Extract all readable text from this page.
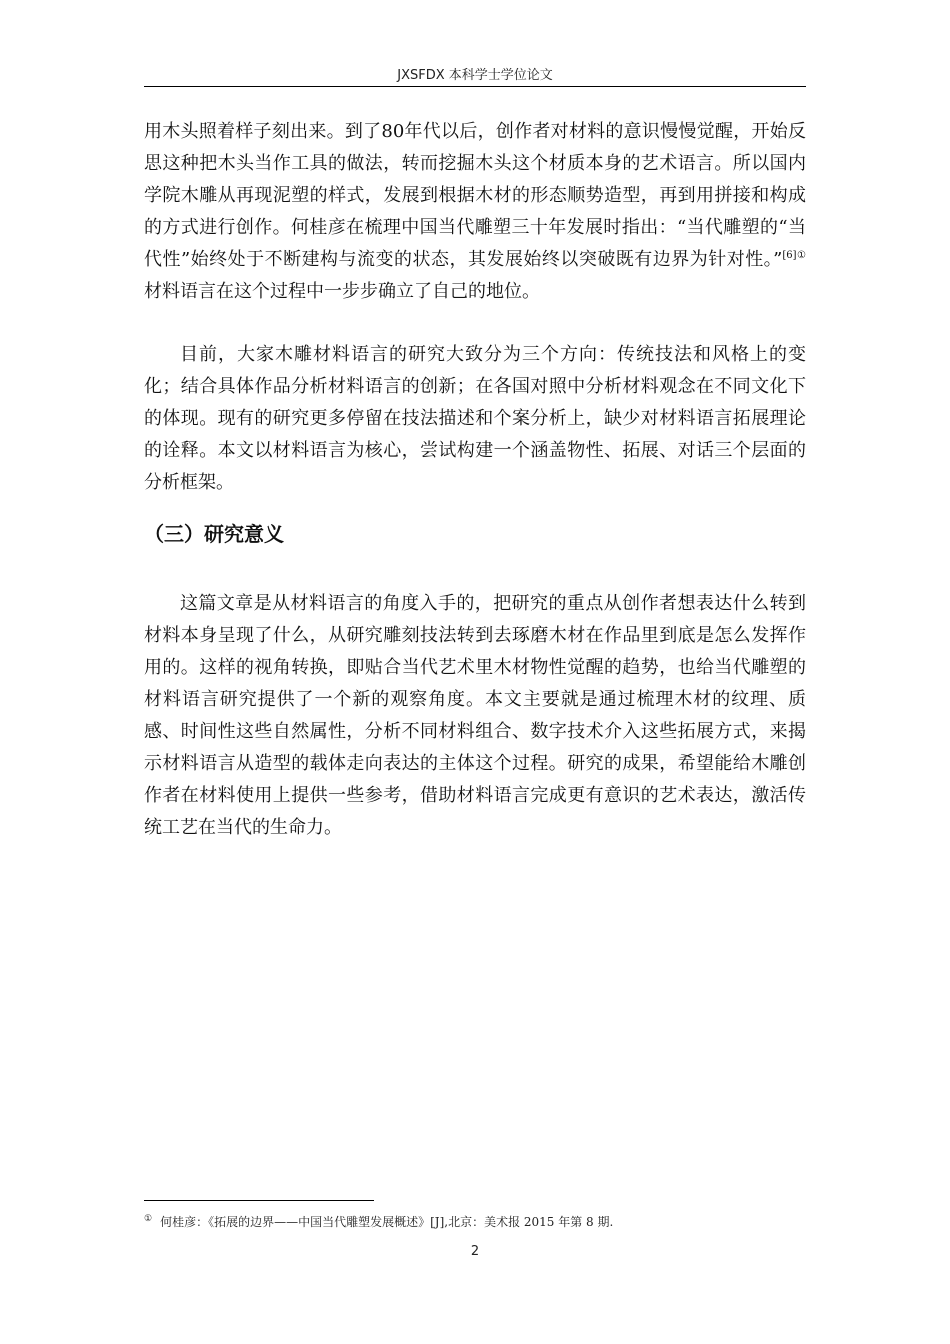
JXSFDX 本科学士学位论文

用木头照着样子刻出来。到了80年代以后，创作者对材料的意识慢慢觉醒，开始反思这种把木头当作工具的做法，转而挖掘木头这个材质本身的艺术语言。所以国内学院木雕从再现泥塑的样式，发展到根据木材的形态顺势造型，再到用拼接和构成的方式进行创作。何桂彦在梳理中国当代雕塑三十年发展时指出：“当代雕塑的“当代性”始终处于不断建构与流变的状态，其发展始终以突破既有边界为针对性。”$^{[6]①}$材料语言在这个过程中一步步确立了自己的地位。

目前，大家木雕材料语言的研究大致分为三个方向：传统技法和风格上的变化；结合具体作品分析材料语言的创新；在各国对照中分析材料观念在不同文化下的体现。现有的研究更多停留在技法描述和个案分析上，缺少对材料语言拓展理论的诠释。本文以材料语言为核心，尝试构建一个涵盖物性、拓展、对话三个层面的分析框架。

（三）研究意义

这篇文章是从材料语言的角度入手的，把研究的重点从创作者想表达什么转到材料本身呈现了什么，从研究雕刻技法转到去琢磨木材在作品里到底是怎么发挥作用的。这样的视角转换，即贴合当代艺术里木材物性觉醒的趋势，也给当代雕塑的材料语言研究提供了一个新的观察角度。本文主要就是通过梳理木材的纹理、质感、时间性这些自然属性，分析不同材料组合、数字技术介入这些拓展方式，来揭示材料语言从造型的载体走向表达的主体这个过程。研究的成果，希望能给木雕创作者在材料使用上提供一些参考，借助材料语言完成更有意识的艺术表达，激活传统工艺在当代的生命力。

① 何桂彦：《拓展的边界——中国当代雕塑发展概述》[J],北京：美术报 2015 年第 8 期.
2
